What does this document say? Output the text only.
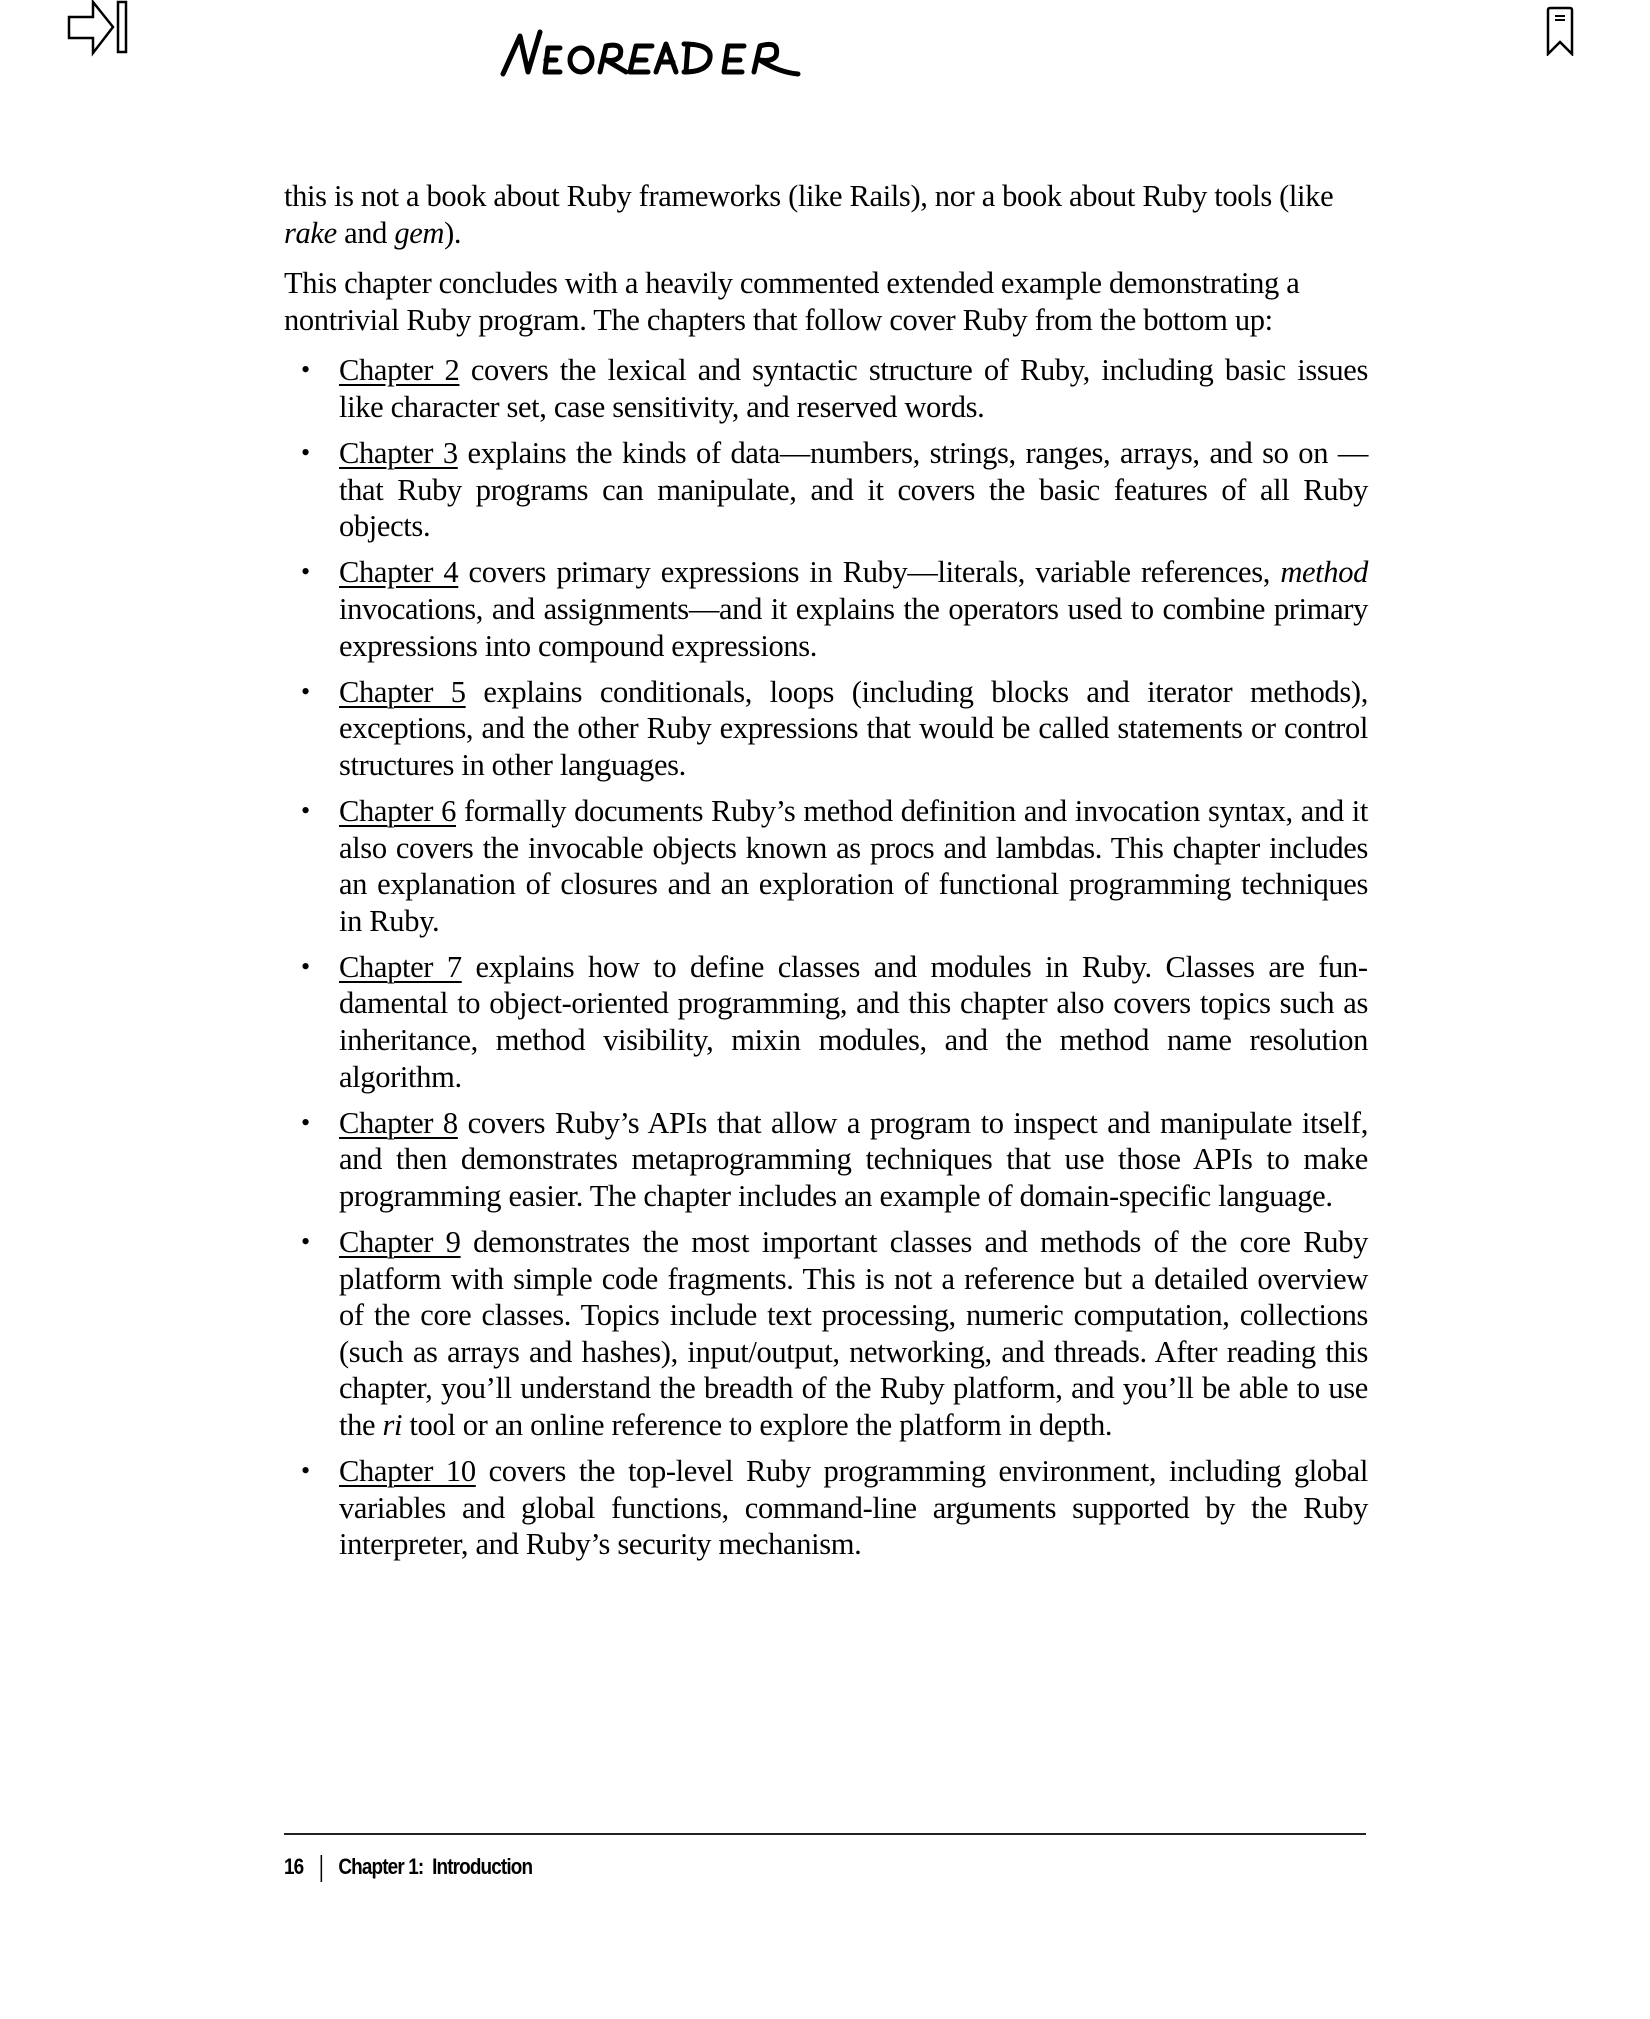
this is not a book about Ruby frameworks (like Rails), nor a book about Ruby tools (like rake and gem).

This chapter concludes with a heavily commented extended example demonstrating a nontrivial Ruby program. The chapters that follow cover Ruby from the bottom up:

• Chapter 2 covers the lexical and syntactic structure of Ruby, including basic issues like character set, case sensitivity, and reserved words.
• Chapter 3 explains the kinds of data—numbers, strings, ranges, arrays, and so on —that Ruby programs can manipulate, and it covers the basic features of all Ruby objects.
• Chapter 4 covers primary expressions in Ruby—literals, variable references, method invocations, and assignments—and it explains the operators used to combine primary expressions into compound expressions.
• Chapter 5 explains conditionals, loops (including blocks and iterator methods), exceptions, and the other Ruby expressions that would be called statements or control structures in other languages.
• Chapter 6 formally documents Ruby’s method definition and invocation syntax, and it also covers the invocable objects known as procs and lambdas. This chapter includes an explanation of closures and an exploration of functional programming techniques in Ruby.
• Chapter 7 explains how to define classes and modules in Ruby. Classes are fundamental to object-oriented programming, and this chapter also covers topics such as inheritance, method visibility, mixin modules, and the method name resolution algorithm.
• Chapter 8 covers Ruby’s APIs that allow a program to inspect and manipulate itself, and then demonstrates metaprogramming techniques that use those APIs to make programming easier. The chapter includes an example of domain-specific language.
• Chapter 9 demonstrates the most important classes and methods of the core Ruby platform with simple code fragments. This is not a reference but a detailed overview of the core classes. Topics include text processing, numeric computation, collections (such as arrays and hashes), input/output, networking, and threads. After reading this chapter, you’ll understand the breadth of the Ruby platform, and you’ll be able to use the ri tool or an online reference to explore the platform in depth.
• Chapter 10 covers the top-level Ruby programming environment, including global variables and global functions, command-line arguments supported by the Ruby interpreter, and Ruby’s security mechanism.
16 | Chapter 1:  Introduction
